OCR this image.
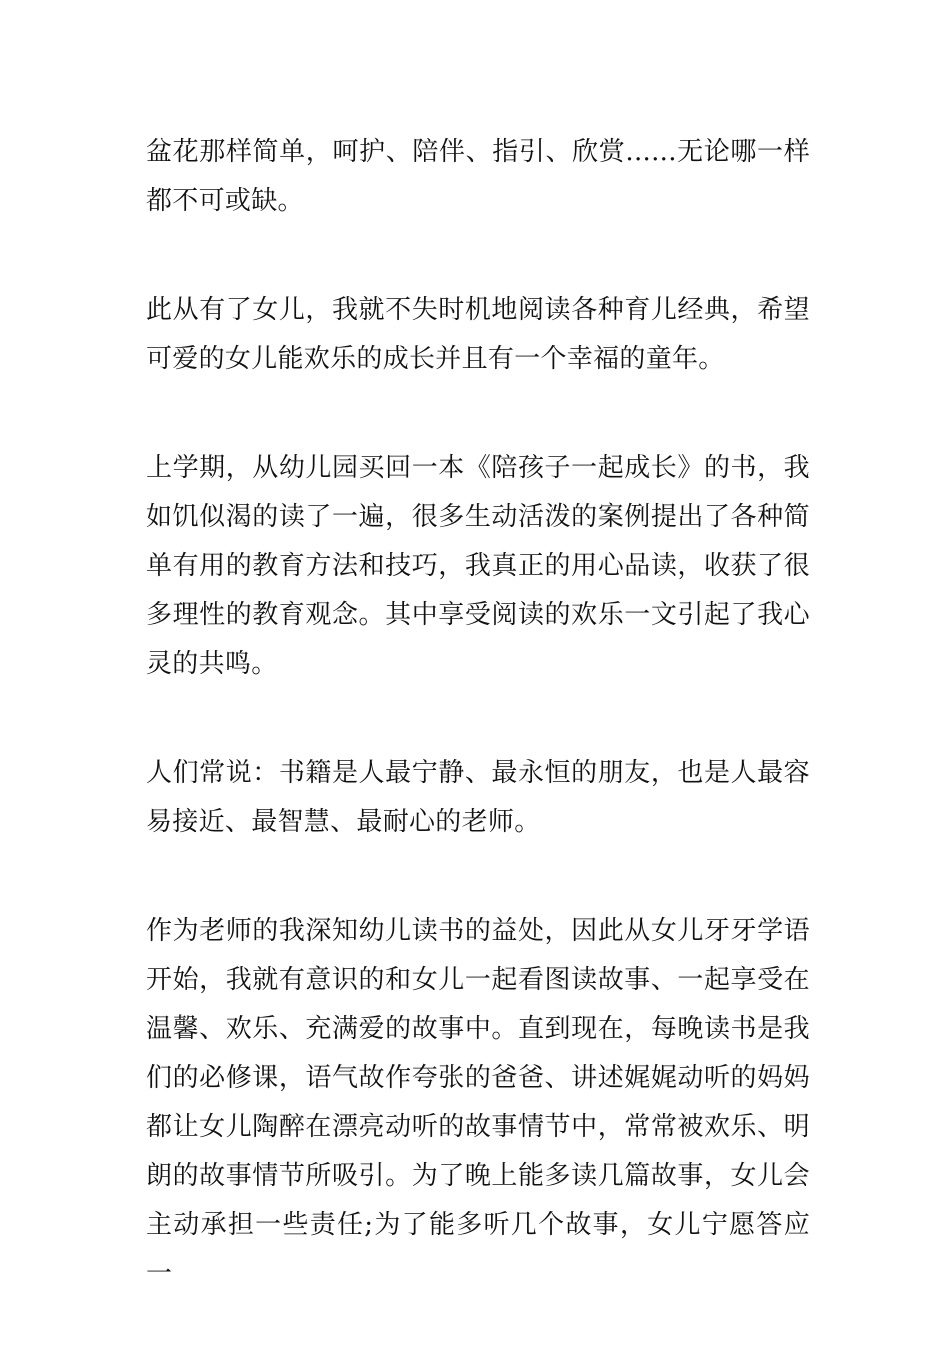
盆花那样简单，呵护、陪伴、指引、欣赏......无论哪一样都不可或缺。

此从有了女儿，我就不失时机地阅读各种育儿经典，希望可爱的女儿能欢乐的成长并且有一个幸福的童年。

上学期，从幼儿园买回一本《陪孩子一起成长》的书，我如饥似渴的读了一遍，很多生动活泼的案例提出了各种简单有用的教育方法和技巧，我真正的用心品读，收获了很多理性的教育观念。其中享受阅读的欢乐一文引起了我心灵的共鸣。

人们常说：书籍是人最宁静、最永恒的朋友，也是人最容易接近、最智慧、最耐心的老师。

作为老师的我深知幼儿读书的益处，因此从女儿牙牙学语开始，我就有意识的和女儿一起看图读故事、一起享受在温馨、欢乐、充满爱的故事中。直到现在，每晚读书是我们的必修课，语气故作夸张的爸爸、讲述娓娓动听的妈妈都让女儿陶醉在漂亮动听的故事情节中，常常被欢乐、明朗的故事情节所吸引。为了晚上能多读几篇故事，女儿会主动承担一些责任;为了能多听几个故事，女儿宁愿答应一
